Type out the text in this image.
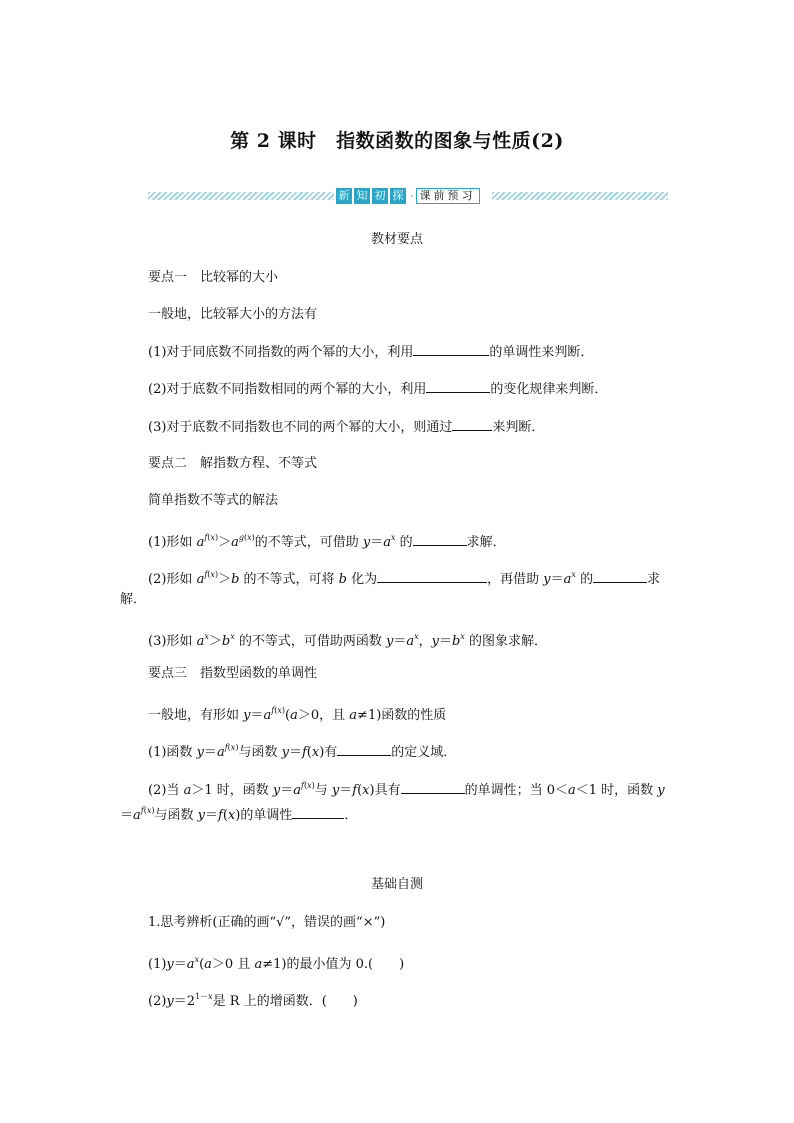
第 2 课时　指数函数的图象与性质(2)
新 知 初 探 · 课前预习
教材要点
要点一　比较幂的大小
一般地，比较幂大小的方法有
(1)对于同底数不同指数的两个幂的大小，利用	的单调性来判断．
(2)对于底数不同指数相同的两个幂的大小，利用	的变化规律来判断．
(3)对于底数不同指数也不同的两个幂的大小，则通过	来判断．
要点二　解指数方程、不等式
简单指数不等式的解法
(1)形如 $a^{f(x)}>a^{g(x)}$的不等式，可借助 $y=a^x$ 的	求解．
(2)形如 $a^{f(x)}>b$ 的不等式，可将 b 化为	，再借助 $y=a^x$ 的	求
解．
(3)形如 $a^x>b^x$ 的不等式，可借助两函数 $y=a^x$，$y=b^x$ 的图象求解．
要点三　指数型函数的单调性
一般地，有形如 $y=a^{f(x)}(a>0$，且 a≠1)函数的性质
(1)函数 $y=a^{f(x)}$与函数 y＝f(x)有	的定义域．
(2)当 a＞1 时，函数 $y=a^{f(x)}$与 y＝f(x)具有	的单调性；当 0＜a＜1 时，函数 y
$=a^{f(x)}$与函数 y＝f(x)的单调性	．
基础自测
1.思考辨析(正确的画“√”，错误的画“×”)
$(1)y=a^x(a>0$ 且 a≠1)的最小值为 0.(　　)
$(2)y=2^{1-x}$是 R 上的增函数．(　　)
